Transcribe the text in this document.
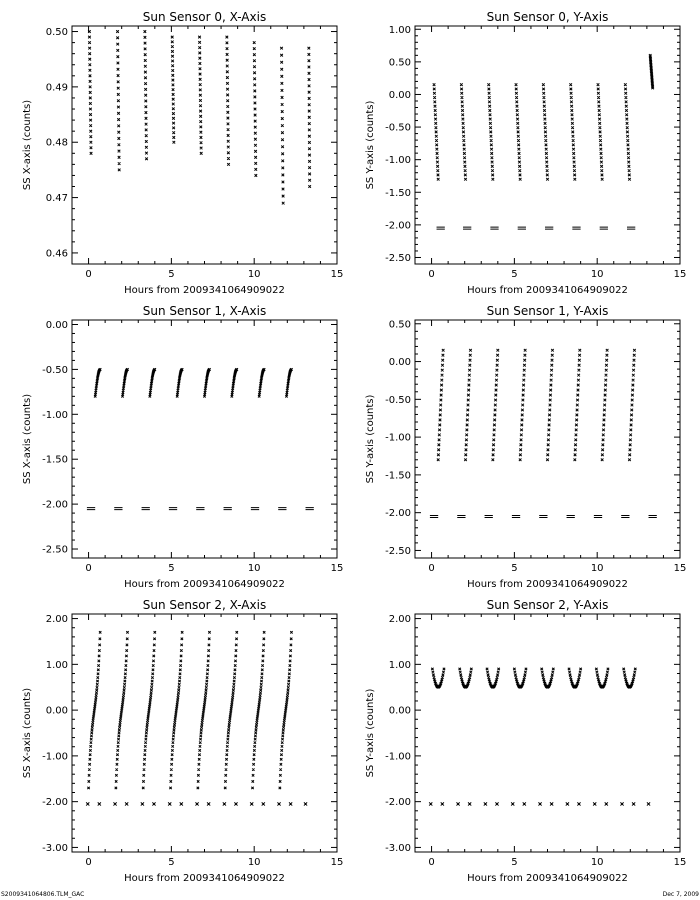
Sun Sensor 0, X-Axis
Hours from 200934106490902​2
SS X-axis (counts)
0	5	10	15
0.46
0.47
0.48
0.49
0.50
Sun Sensor 0, Y-Axis
Hours from 2009341064909022
SS Y-axis (counts)
0	5	10	15
-2.50
-2.00
-1.50
-1.00
-0.50
0.00
0.50
1.00
Sun Sensor 1, X-Axis
Hours from 2009341064909022
SS X-axis (counts)
0	5	10	15
-2.50
-2.00
-1.50
-1.00
-0.50
0.00
Sun Sensor 1, Y-Axis
Hours from 2009341064909022
SS Y-axis (counts)
0	5	10	15
-2.50
-2.00
-1.50
-1.00
-0.50
0.00
0.50
Sun Sensor 2, X-Axis
Hours from 2009341064909022
SS X-axis (counts)
0	5	10	15
-3.00
-2.00
-1.00
0.00
1.00
2.00
Sun Sensor 2, Y-Axis
Hours from 2009341064909022
SS Y-axis (counts)
0	5	10	15
-3.00
-2.00
-1.00
0.00
1.00
2.00
S2009341064806.TLM_GAC	Dec 7, 2009
